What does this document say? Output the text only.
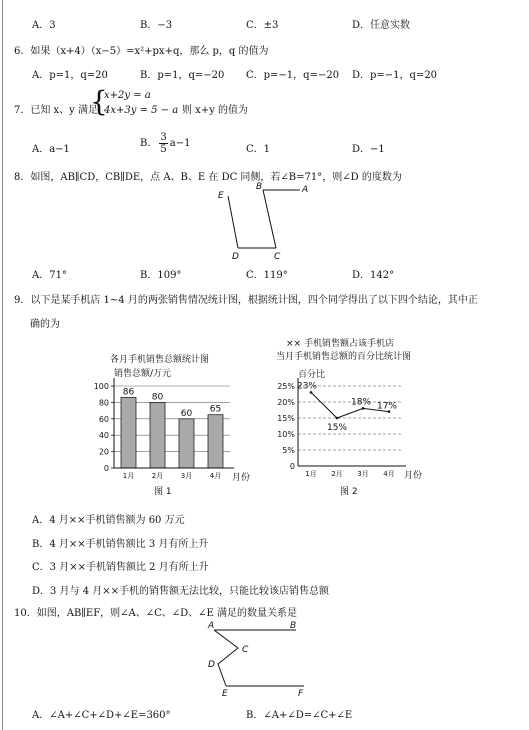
A．3	B．−3	C．±3	D．任意实数
6．如果（x+4）（x−5）=x²+px+q，那么 p，q 的值为
A．p=1，q=20	B．p=1，q=−20 C．p=−1，q=−20 D．p=−1，q=20
7．已知 x、y 满足
{
x+2y = a
4x+3y = 5 − a 则 x+y 的值为
A．a−1
B． $\frac{3}{5} a-1$
C．1	D．−1
8．如图，AB∥CD，CB∥DE，点 A、B、E 在 DC 同侧，若∠B=71°，则∠D 的度数为
E
B	A
D	C
A．71°	B．109°	C．119°	D．142°
9．以下是某手机店 1~4 月的两张销售情况统计图，根据统计图，四个同学得出了以下四个结论，其中正
确的为
各月手机销售总额统计图
销售总额/万元
月份
图 1
86
1月
80
2月
60
3月
65
4月
0
20
40
60
80
100
×× 手机销售额占该手机店
当月手机销售总额的百分比统计图
百分比
月份
图 2
23%
1月
15%
2月
18%
3月
17%
4月
0
5%
10%
15%
20%
25%
A．4 月××手机销售额为 60 万元
B．4 月××手机销售额比 3 月有所上升
C．3 月××手机销售额比 2 月有所上升
D．3 月与 4 月××手机的销售额无法比较，只能比较该店销售总额
10．如图，AB∥EF，则∠A、∠C、∠D、∠E 满足的数量关系是
A	B
C
D
E	F
A．∠A+∠C+∠D+∠E=360°	B．∠A+∠D=∠C+∠E
